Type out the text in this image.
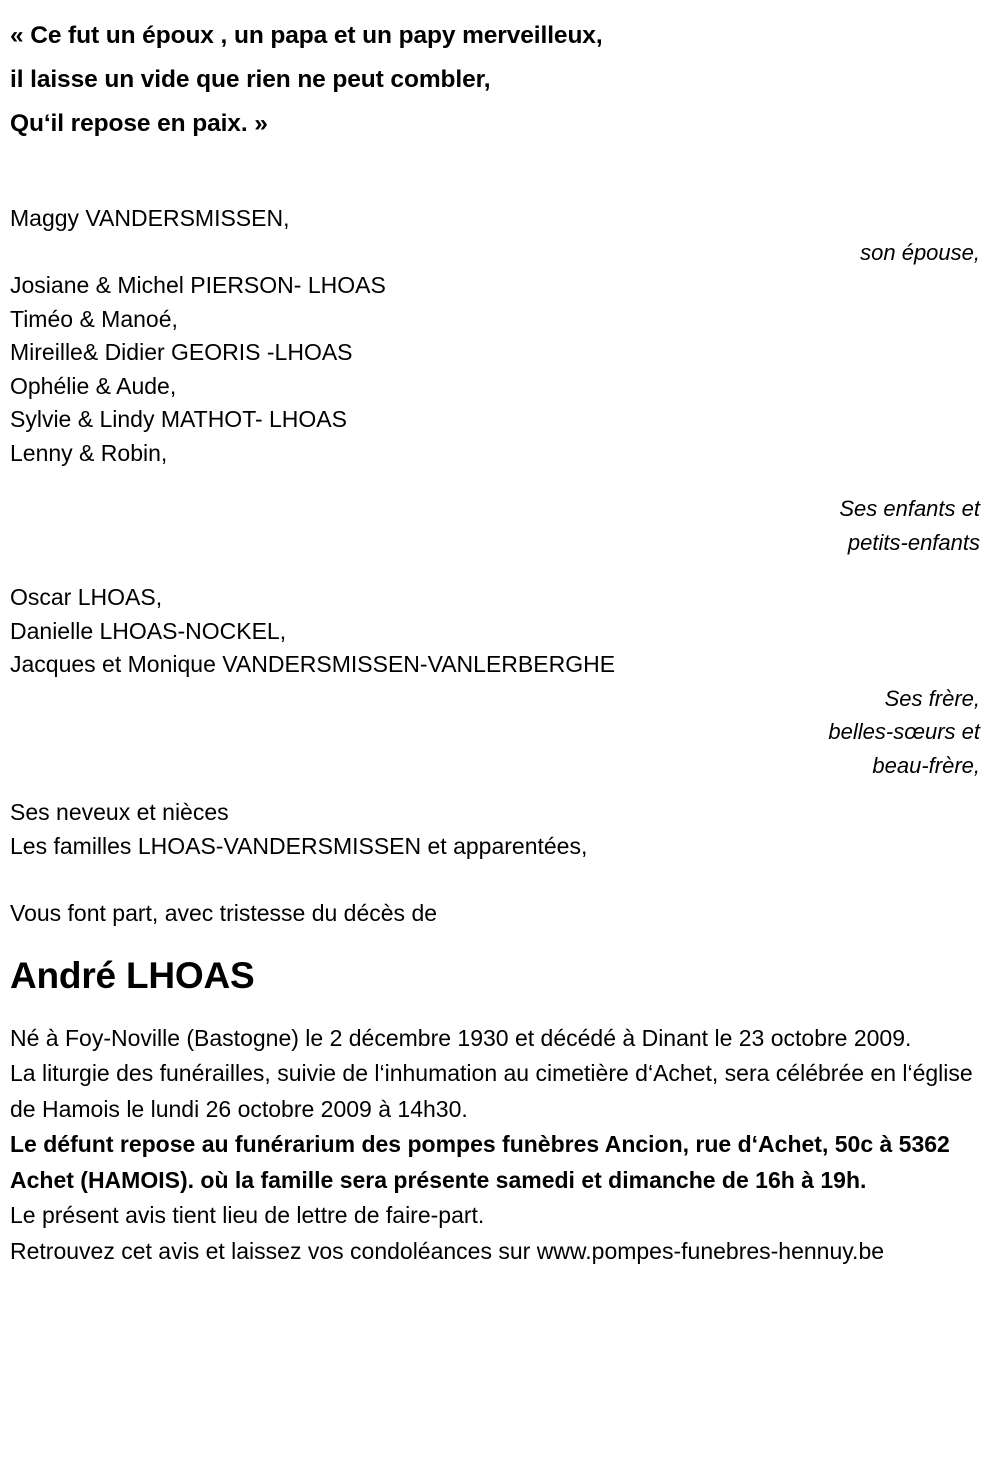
« Ce fut un époux , un papa et un papy merveilleux,
il laisse un vide que rien ne peut combler,
Qu‘il repose en paix. »
Maggy VANDERSMISSEN,
son épouse,
Josiane & Michel PIERSON- LHOAS
Timéo & Manoé,
Mireille& Didier GEORIS -LHOAS
Ophélie & Aude,
Sylvie & Lindy MATHOT- LHOAS
Lenny & Robin,
Ses enfants et
petits-enfants
Oscar LHOAS,
Danielle LHOAS-NOCKEL,
Jacques et Monique VANDERSMISSEN-VANLERBERGHE
Ses frère,
belles-sœurs et
beau-frère,
Ses neveux et nièces
Les familles LHOAS-VANDERSMISSEN et apparentées,
Vous font part, avec tristesse du décès de
André LHOAS
Né à Foy-Noville (Bastogne) le 2 décembre 1930 et décédé à Dinant le 23 octobre 2009.
La liturgie des funérailles, suivie de l‘inhumation au cimetière d‘Achet, sera célébrée en l‘église de Hamois le lundi 26 octobre 2009 à 14h30.
Le défunt repose au funérarium des pompes funèbres Ancion, rue d‘Achet, 50c à 5362 Achet (HAMOIS). où la famille sera présente samedi et dimanche de 16h à 19h.
Le présent avis tient lieu de lettre de faire-part.
Retrouvez cet avis et laissez vos condoléances sur www.pompes-funebres-hennuy.be
